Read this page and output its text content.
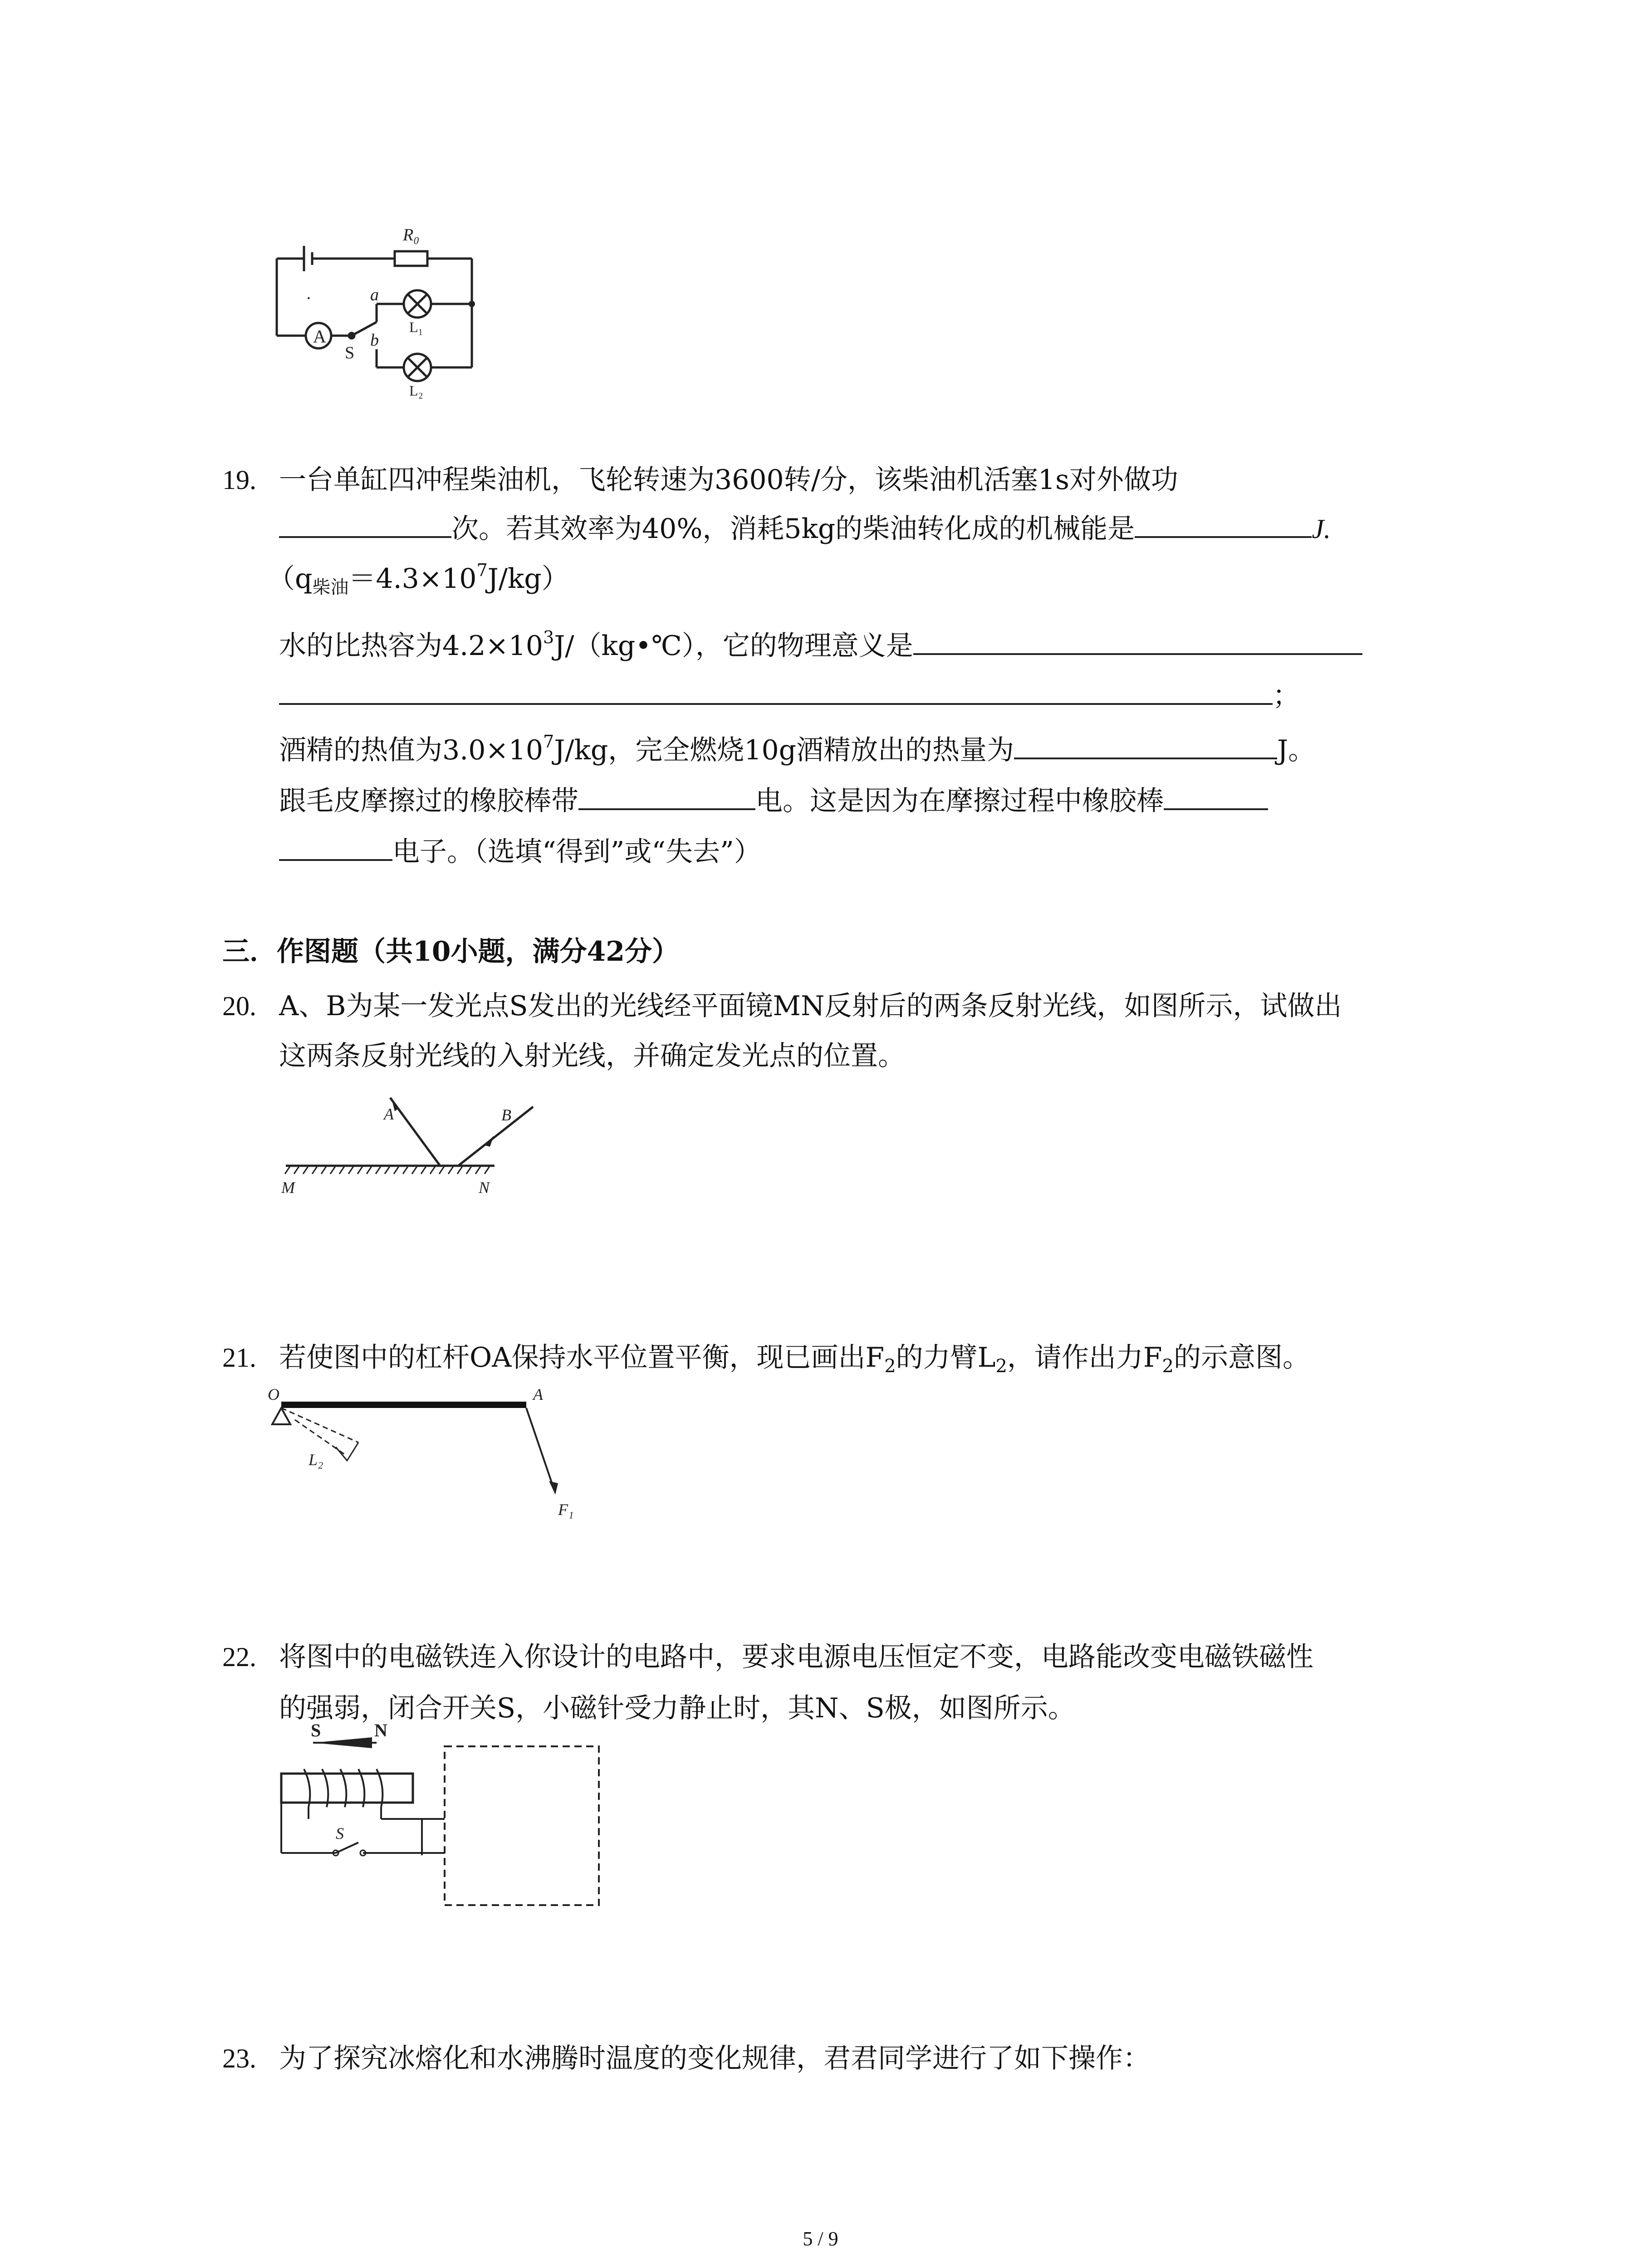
R₀
A
S
a
b
L₁
L₂
·
19. 一台单缸四冲程柴油机，飞轮转速为3600转/分，该柴油机活塞1s对外做功
次。若其效率为40%，消耗5kg的柴油转化成的机械能是	J.
$(q_{柴油}=4.3\times 10^7J/kg)$
水的比热容为$4.2\times 10^3J/(kg•℃)$，它的物理意义是
；
酒精的热值为$3.0\times 10^7J/kg$，完全燃烧10g酒精放出的热量为	J。
跟毛皮摩擦过的橡胶棒带	电。这是因为在摩擦过程中橡胶棒
电子。（选填“得到”或“失去”）
三．作图题（共10小题，满分42分）
20. A、B为某一发光点S发出的光线经平面镜MN反射后的两条反射光线，如图所示，试做出
这两条反射光线的入射光线，并确定发光点的位置。
A	B
M	N
21. 若使图中的杠杆OA保持水平位置平衡，现已画出$F_2$的力臂$L_2$，请作出力$F_2$的示意图。
O	A
L₂
F₁
22. 将图中的电磁铁连入你设计的电路中，要求电源电压恒定不变，电路能改变电磁铁磁性
的强弱，闭合开关S，小磁针受力静止时，其N、S极，如图所示。
S	N
S
23. 为了探究冰熔化和水沸腾时温度的变化规律，君君同学进行了如下操作：
5 / 9
